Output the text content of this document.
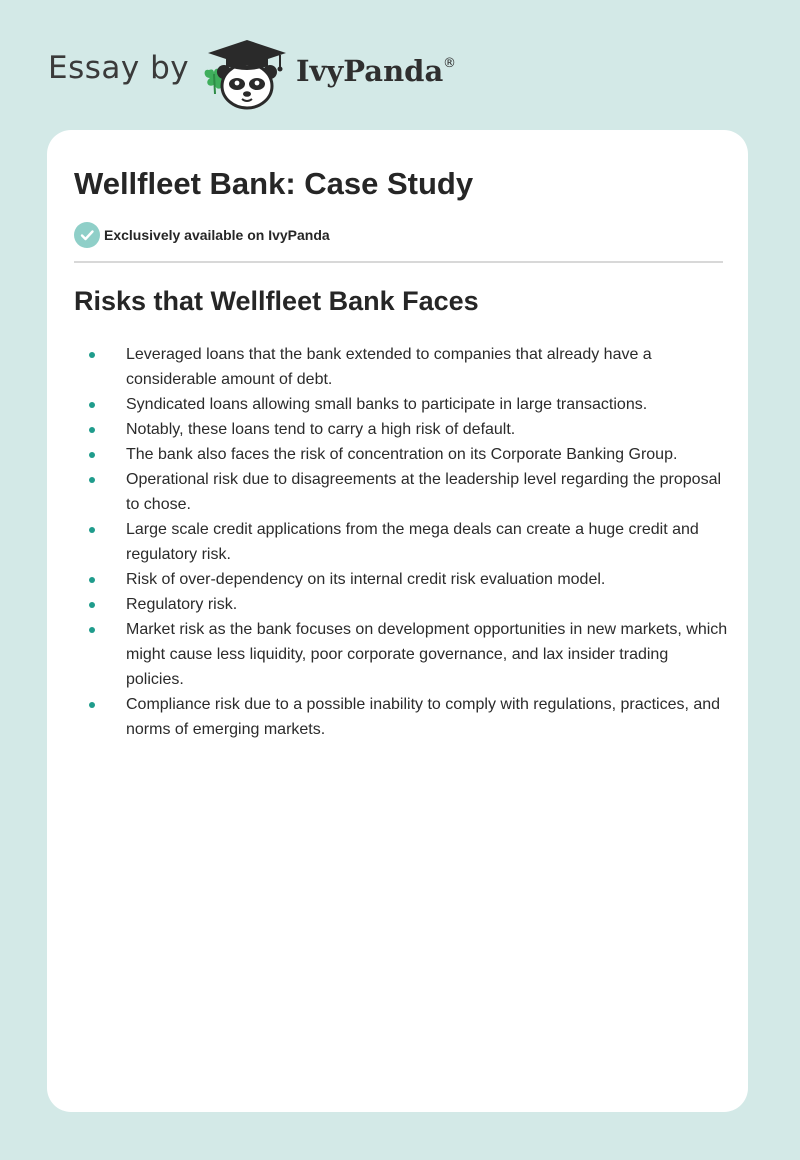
Essay by	IvyPanda ®
Wellfleet Bank: Case Study
Exclusively available on IvyPanda
Risks that Wellfleet Bank Faces
Leveraged loans that the bank extended to companies that already have a considerable amount of debt.
Syndicated loans allowing small banks to participate in large transactions.
Notably, these loans tend to carry a high risk of default.
The bank also faces the risk of concentration on its Corporate Banking Group.
Operational risk due to disagreements at the leadership level regarding the proposal to chose.
Large scale credit applications from the mega deals can create a huge credit and regulatory risk.
Risk of over-dependency on its internal credit risk evaluation model.
Regulatory risk.
Market risk as the bank focuses on development opportunities in new markets, which might cause less liquidity, poor corporate governance, and lax insider trading policies.
Compliance risk due to a possible inability to comply with regulations, practices, and norms of emerging markets.
